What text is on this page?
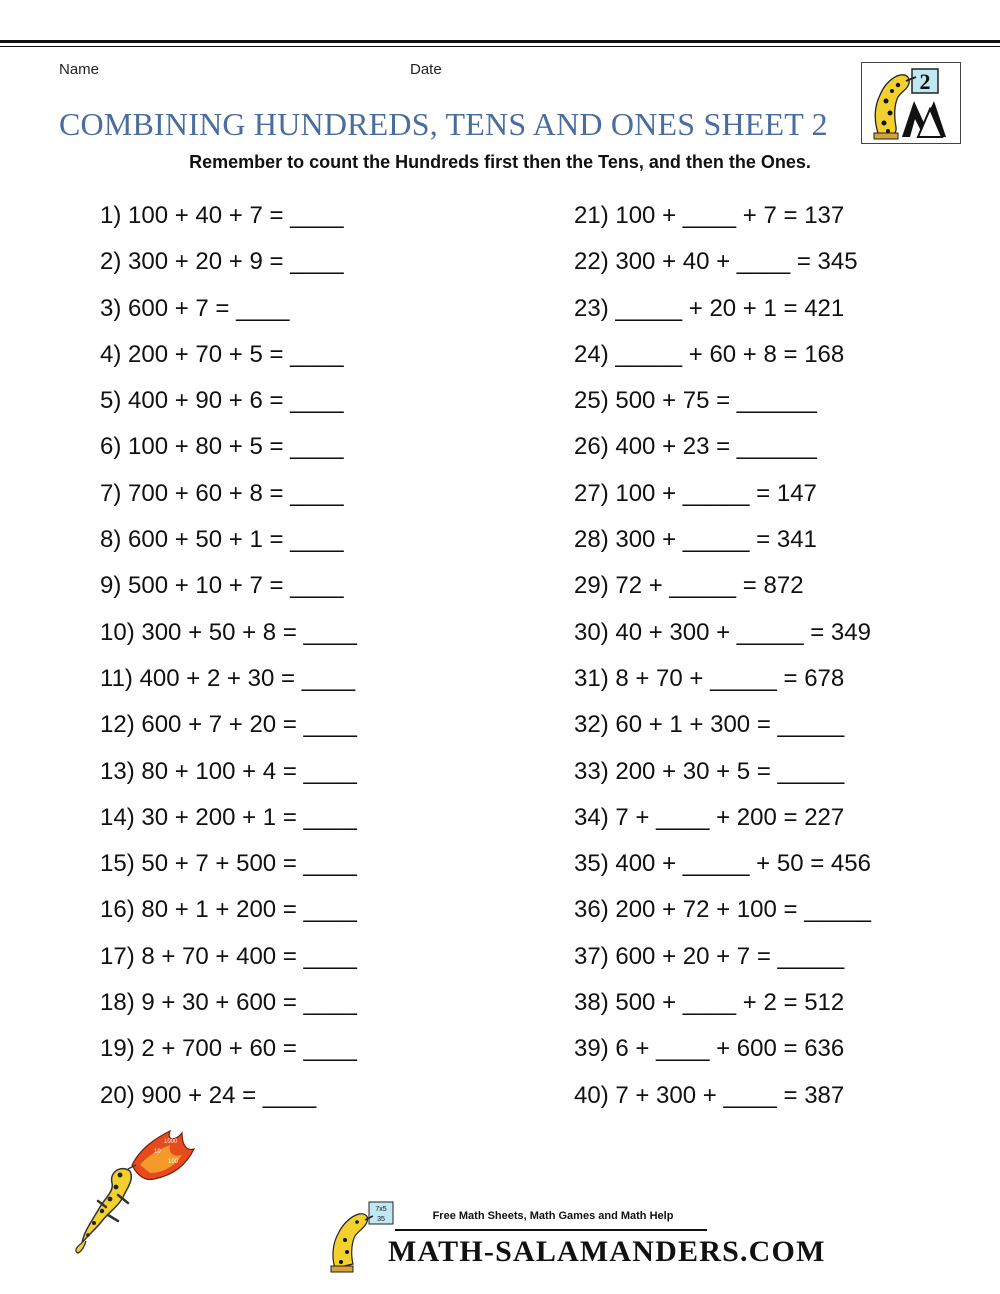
Name	Date
COMBINING HUNDREDS, TENS AND ONES SHEET 2
Remember to count the Hundreds first then the Tens, and then the Ones.
2
1) 100 + 40 + 7 = ____
2) 300 + 20 + 9 = ____
3) 600 + 7 = ____
4) 200 + 70 + 5 = ____
5) 400 + 90 + 6 = ____
6) 100 + 80 + 5 = ____
7) 700 + 60 + 8 = ____
8) 600 + 50 + 1 = ____
9) 500 + 10 + 7 = ____
10) 300 + 50 + 8 = ____
11) 400 + 2 + 30 = ____
12) 600 + 7 + 20 = ____
13) 80 + 100 + 4 = ____
14) 30 + 200 + 1 = ____
15) 50 + 7 + 500 = ____
16) 80 + 1 + 200 = ____
17) 8 + 70 + 400 = ____
18) 9 + 30 + 600 = ____
19) 2 + 700 + 60 = ____
20) 900 + 24 = ____
21) 100 + ____ + 7 = 137
22) 300 + 40 + ____ = 345
23) _____ + 20 + 1 = 421
24) _____ + 60 + 8 = 168
25) 500 + 75 = ______
26) 400 + 23 = ______
27) 100 + _____ = 147
28) 300 + _____ = 341
29) 72 + _____ = 872
30) 40 + 300 + _____ = 349
31) 8 + 70 + _____ = 678
32) 60 + 1 + 300 = _____
33) 200 + 30 + 5 = _____
34) 7 + ____ + 200 = 227
35) 400 + _____ + 50 = 456
36) 200 + 72 + 100 = _____
37) 600 + 20 + 7 = _____
38) 500 + ____ + 2 = 512
39) 6 + ____ + 600 = 636
40) 7 + 300 + ____ = 387
1000
100
10
7x5
35	Free Math Sheets, Math Games and Math Help
MATH-SALAMANDERS.COM
